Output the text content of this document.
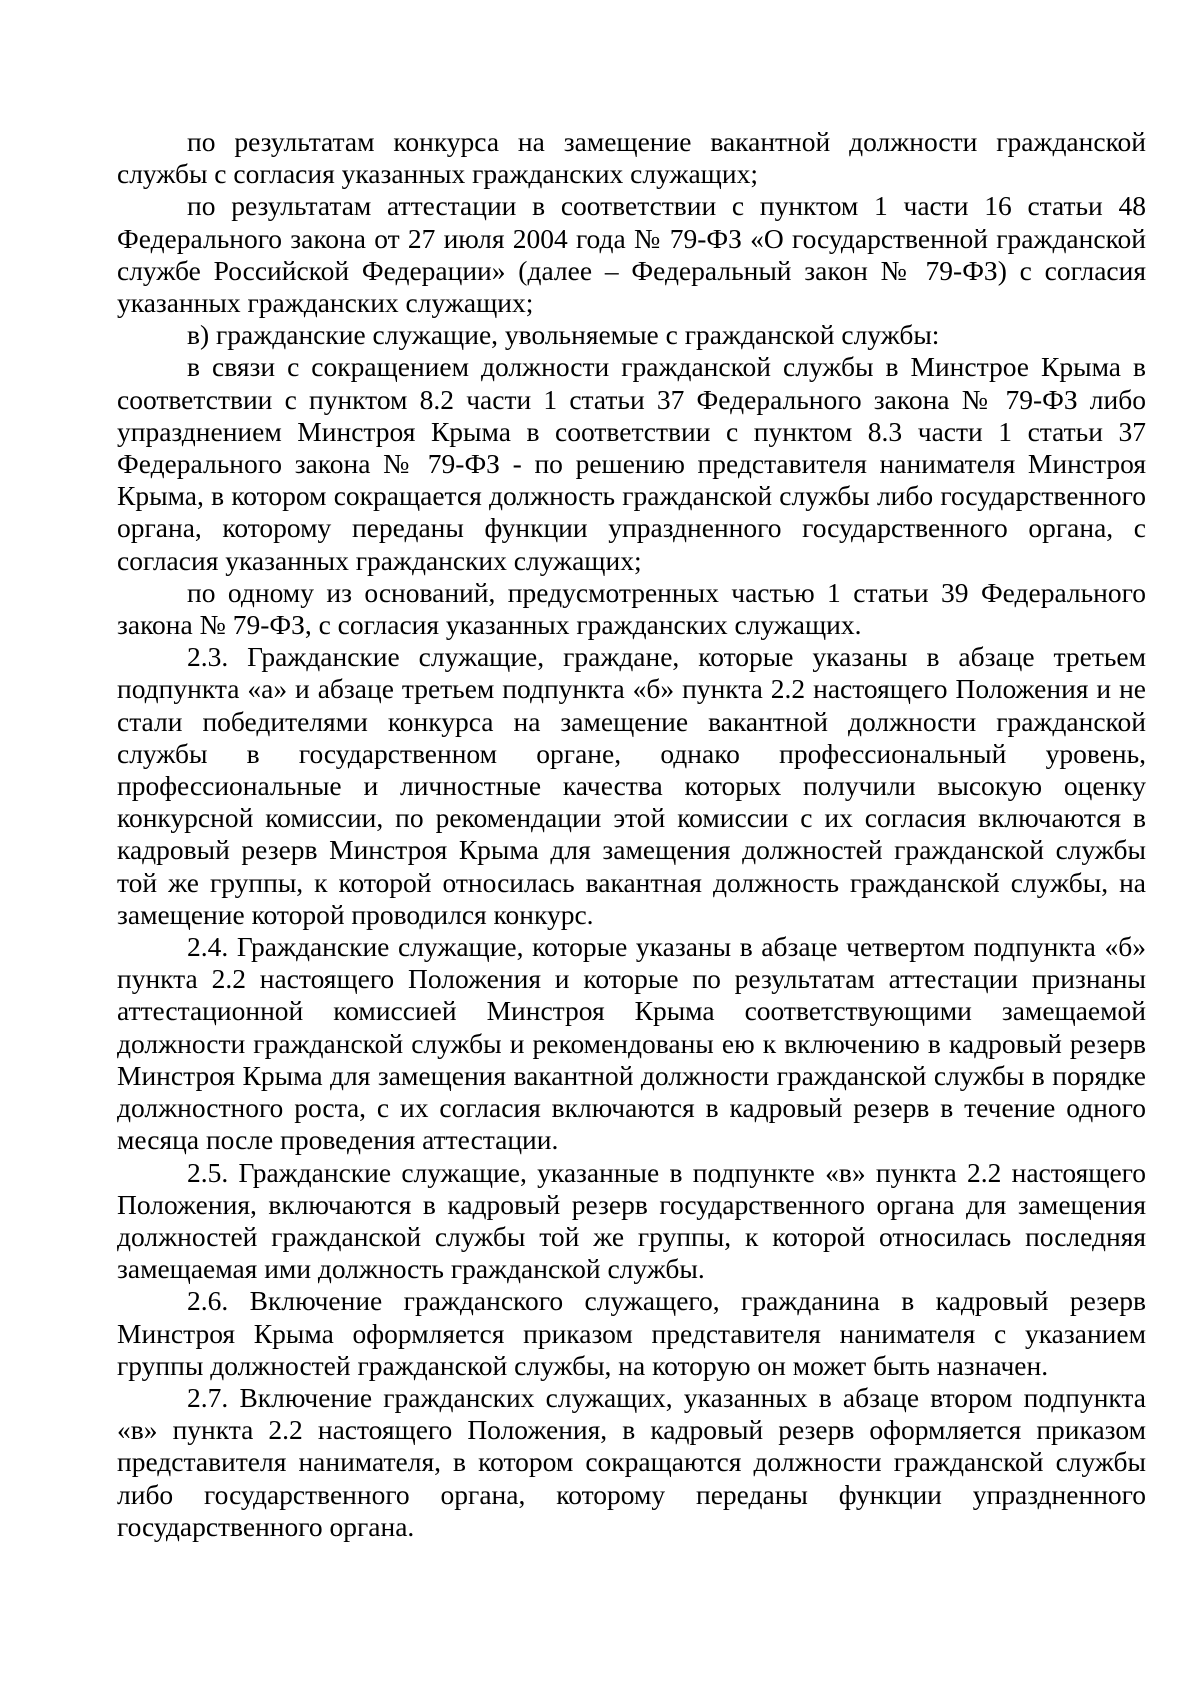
по результатам конкурса на замещение вакантной должности гражданской службы с согласия указанных гражданских служащих;

по результатам аттестации в соответствии с пунктом 1 части 16 статьи 48 Федерального закона от 27 июля 2004 года № 79-ФЗ «О государственной гражданской службе Российской Федерации» (далее – Федеральный закон № 79-ФЗ) с согласия указанных гражданских служащих;

в) гражданские служащие, увольняемые с гражданской службы:

в связи с сокращением должности гражданской службы в Минстрое Крыма в соответствии с пунктом 8.2 части 1 статьи 37 Федерального закона № 79-ФЗ либо упразднением Минстроя Крыма в соответствии с пунктом 8.3 части 1 статьи 37 Федерального закона № 79-ФЗ - по решению представителя нанимателя Минстроя Крыма, в котором сокращается должность гражданской службы либо государственного органа, которому переданы функции упраздненного государственного органа, с согласия указанных гражданских служащих;

по одному из оснований, предусмотренных частью 1 статьи 39 Федерального закона № 79-ФЗ, с согласия указанных гражданских служащих.

2.3. Гражданские служащие, граждане, которые указаны в абзаце третьем подпункта «а» и абзаце третьем подпункта «б» пункта 2.2 настоящего Положения и не стали победителями конкурса на замещение вакантной должности гражданской службы в государственном органе, однако профессиональный уровень, профессиональные и личностные качества которых получили высокую оценку конкурсной комиссии, по рекомендации этой комиссии с их согласия включаются в кадровый резерв Минстроя Крыма для замещения должностей гражданской службы той же группы, к которой относилась вакантная должность гражданской службы, на замещение которой проводился конкурс.

2.4. Гражданские служащие, которые указаны в абзаце четвертом подпункта «б» пункта 2.2 настоящего Положения и которые по результатам аттестации признаны аттестационной комиссией Минстроя Крыма соответствующими замещаемой должности гражданской службы и рекомендованы ею к включению в кадровый резерв Минстроя Крыма для замещения вакантной должности гражданской службы в порядке должностного роста, с их согласия включаются в кадровый резерв в течение одного месяца после проведения аттестации.

2.5. Гражданские служащие, указанные в подпункте «в» пункта 2.2 настоящего Положения, включаются в кадровый резерв государственного органа для замещения должностей гражданской службы той же группы, к которой относилась последняя замещаемая ими должность гражданской службы.

2.6. Включение гражданского служащего, гражданина в кадровый резерв Минстроя Крыма оформляется приказом представителя нанимателя с указанием группы должностей гражданской службы, на которую он может быть назначен.

2.7. Включение гражданских служащих, указанных в абзаце втором подпункта «в» пункта 2.2 настоящего Положения, в кадровый резерв оформляется приказом представителя нанимателя, в котором сокращаются должности гражданской службы либо государственного органа, которому переданы функции упраздненного государственного органа.
